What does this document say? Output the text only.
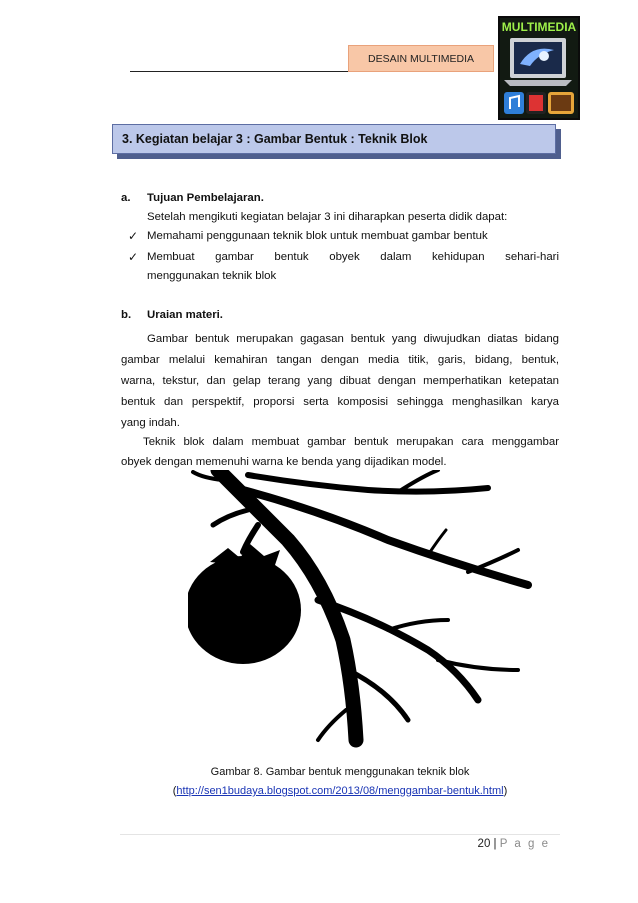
DESAIN MULTIMEDIA
MULTIMEDIA
3. Kegiatan belajar 3 : Gambar Bentuk : Teknik Blok
a. Tujuan Pembelajaran.
Setelah mengikuti kegiatan belajar 3 ini diharapkan peserta didik dapat:
✓ Memahami penggunaan teknik blok untuk membuat gambar bentuk
✓ Membuat gambar bentuk obyek dalam kehidupan sehari-hari
menggunakan teknik blok
b. Uraian materi.
Gambar bentuk merupakan gagasan bentuk yang diwujudkan diatas bidang
gambar melalui kemahiran tangan dengan media titik, garis, bidang, bentuk,
warna, tekstur, dan gelap terang yang dibuat dengan memperhatikan ketepatan
bentuk dan perspektif, proporsi serta komposisi sehingga menghasilkan karya
yang indah.
Teknik blok dalam membuat gambar bentuk merupakan cara menggambar
obyek dengan memenuhi warna ke benda yang dijadikan model.
Gambar 8. Gambar bentuk menggunakan teknik blok
(http://sen1budaya.blogspot.com/2013/08/menggambar-bentuk.html)
20 | P a g e
